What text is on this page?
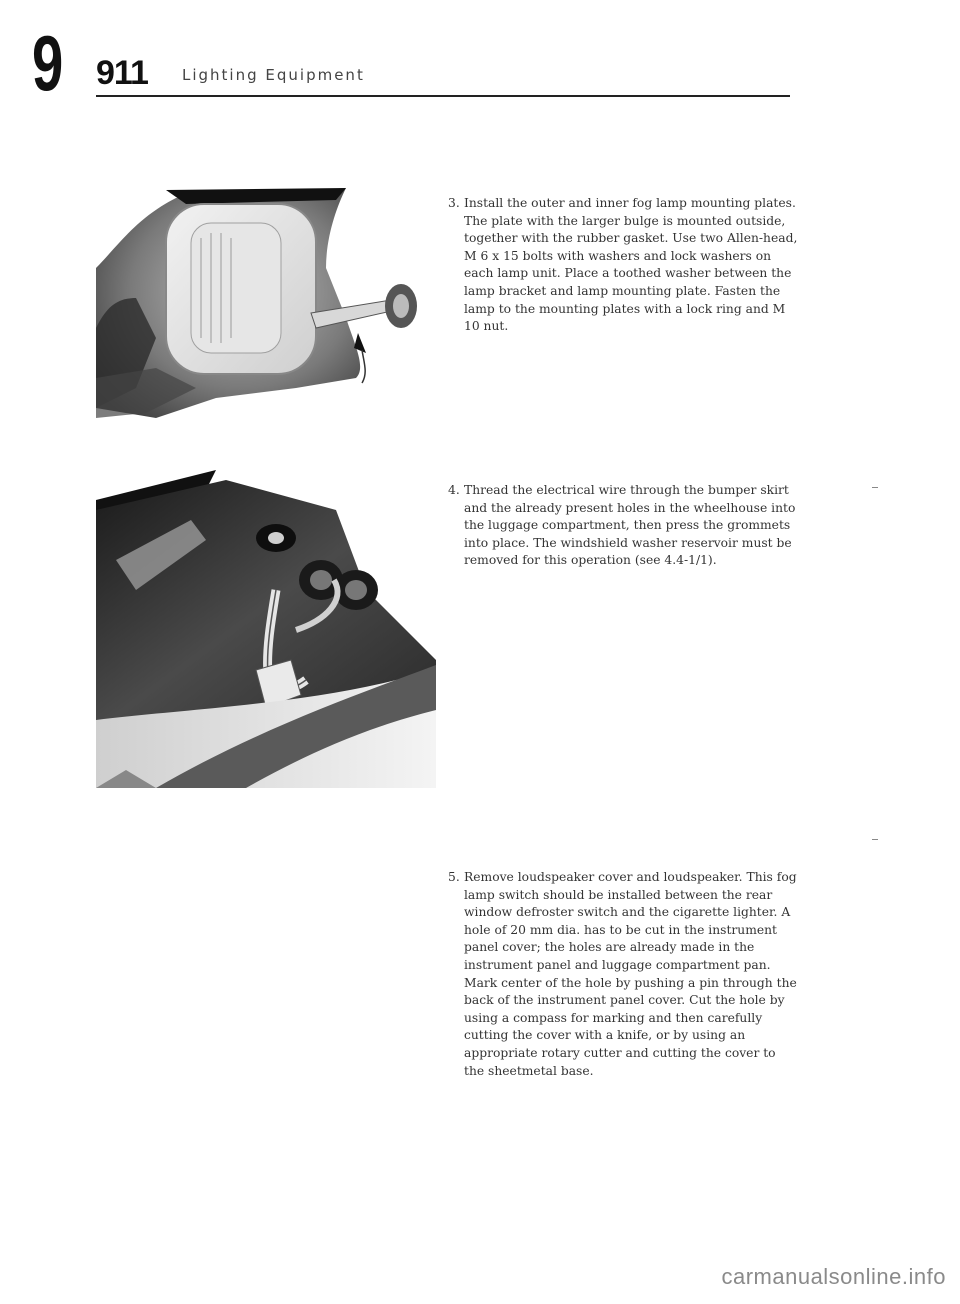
9 911 Lighting Equipment
3. Install the outer and inner fog lamp mounting plates. The plate with the larger bulge is mounted outside, together with the rubber gasket. Use two Allen-head, M 6 x 15 bolts with washers and lock washers on each lamp unit. Place a toothed washer between the lamp bracket and lamp mounting plate. Fasten the lamp to the mounting plates with a lock ring and M 10 nut.
4. Thread the electrical wire through the bumper skirt and the already present holes in the wheelhouse into the luggage compartment, then press the grommets into place. The windshield washer reservoir must be removed for this operation (see 4.4-1/1).
5. Remove loudspeaker cover and loudspeaker. This fog lamp switch should be installed between the rear window defroster switch and the cigarette lighter. A hole of 20 mm dia. has to be cut in the instrument panel cover; the holes are already made in the instrument panel and luggage compartment pan. Mark center of the hole by pushing a pin through the back of the instrument panel cover. Cut the hole by using a compass for marking and then carefully cutting the cover with a knife, or by using an appropriate rotary cutter and cutting the cover to the sheetmetal base.
carmanualsonline.info
